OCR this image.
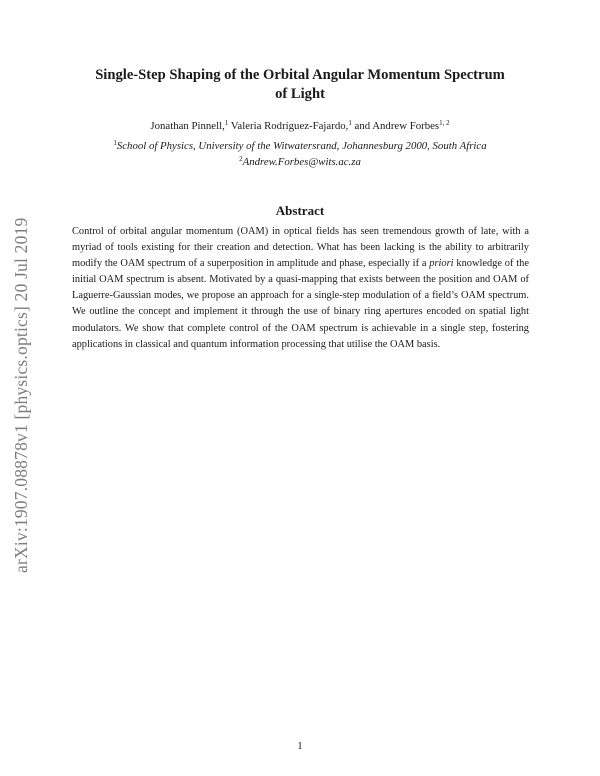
arXiv:1907.08878v1 [physics.optics] 20 Jul 2019
Single-Step Shaping of the Orbital Angular Momentum Spectrum
of Light

Jonathan Pinnell,$^1$ Valeria Rodríguez-Fajardo,$^1$ and Andrew Forbes$^{1, 2}$

$^1$School of Physics, University of the Witwatersrand, Johannesburg 2000, South Africa

$^2$Andrew.Forbes@wits.ac.za

Abstract

Control of orbital angular momentum (OAM) in optical fields has seen tremendous growth of late, with a myriad of tools existing for their creation and detection. What has been lacking is the ability to arbitrarily modify the OAM spectrum of a superposition in amplitude and phase, especially if a priori knowledge of the initial OAM spectrum is absent. Motivated by a quasi-mapping that exists between the position and OAM of Laguerre-Gaussian modes, we propose an approach for a single-step modulation of a field’s OAM spectrum. We outline the concept and implement it through the use of binary ring apertures encoded on spatial light modulators. We show that complete control of the OAM spectrum is achievable in a single step, fostering applications in classical and quantum information processing that utilise the OAM basis.

1
